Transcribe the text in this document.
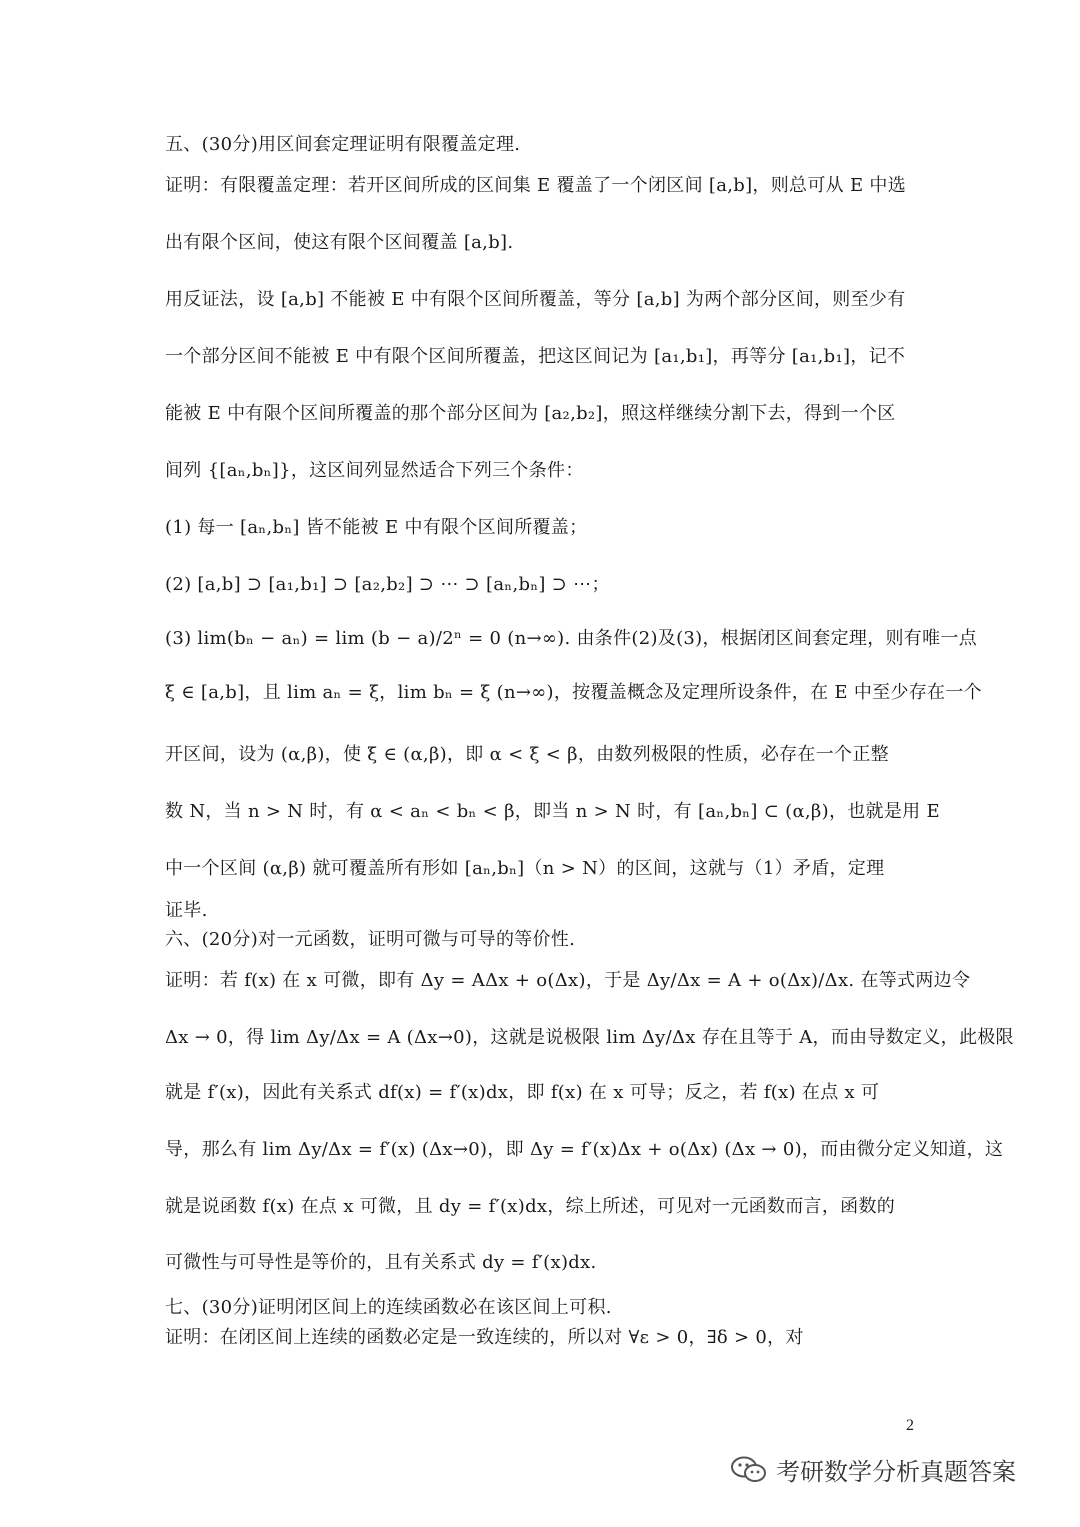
五、(30分)用区间套定理证明有限覆盖定理.
证明：有限覆盖定理：若开区间所成的区间集 E 覆盖了一个闭区间 [a,b]，则总可从 E 中选
出有限个区间，使这有限个区间覆盖 [a,b].
用反证法，设 [a,b] 不能被 E 中有限个区间所覆盖，等分 [a,b] 为两个部分区间，则至少有
一个部分区间不能被 E 中有限个区间所覆盖，把这区间记为 [a₁,b₁]，再等分 [a₁,b₁]，记不
能被 E 中有限个区间所覆盖的那个部分区间为 [a₂,b₂]，照这样继续分割下去，得到一个区
间列 {[aₙ,bₙ]}，这区间列显然适合下列三个条件：
(1) 每一 [aₙ,bₙ] 皆不能被 E 中有限个区间所覆盖；
(2) [a,b] ⊃ [a₁,b₁] ⊃ [a₂,b₂] ⊃ ⋯ ⊃ [aₙ,bₙ] ⊃ ⋯；
(3) lim(bₙ − aₙ) = lim (b − a)/2ⁿ = 0 (n→∞). 由条件(2)及(3)，根据闭区间套定理，则有唯一点
ξ ∈ [a,b]，且 lim aₙ = ξ，lim bₙ = ξ (n→∞)，按覆盖概念及定理所设条件，在 E 中至少存在一个
开区间，设为 (α,β)，使 ξ ∈ (α,β)，即 α < ξ < β，由数列极限的性质，必存在一个正整
数 N，当 n > N 时，有 α < aₙ < bₙ < β，即当 n > N 时，有 [aₙ,bₙ] ⊂ (α,β)，也就是用 E
中一个区间 (α,β) 就可覆盖所有形如 [aₙ,bₙ]（n > N）的区间，这就与（1）矛盾，定理
证毕.
六、(20分)对一元函数，证明可微与可导的等价性.
证明：若 f(x) 在 x 可微，即有 Δy = AΔx + o(Δx)，于是 Δy/Δx = A + o(Δx)/Δx. 在等式两边令
Δx → 0，得 lim Δy/Δx = A (Δx→0)，这就是说极限 lim Δy/Δx 存在且等于 A，而由导数定义，此极限
就是 f′(x)，因此有关系式 df(x) = f′(x)dx，即 f(x) 在 x 可导；反之，若 f(x) 在点 x 可
导，那么有 lim Δy/Δx = f′(x) (Δx→0)，即 Δy = f′(x)Δx + o(Δx) (Δx → 0)，而由微分定义知道，这
就是说函数 f(x) 在点 x 可微，且 dy = f′(x)dx，综上所述，可见对一元函数而言，函数的
可微性与可导性是等价的，且有关系式 dy = f′(x)dx.
七、(30分)证明闭区间上的连续函数必在该区间上可积.
证明：在闭区间上连续的函数必定是一致连续的，所以对 ∀ε > 0，∃δ > 0，对
2
考研数学分析真题答案
